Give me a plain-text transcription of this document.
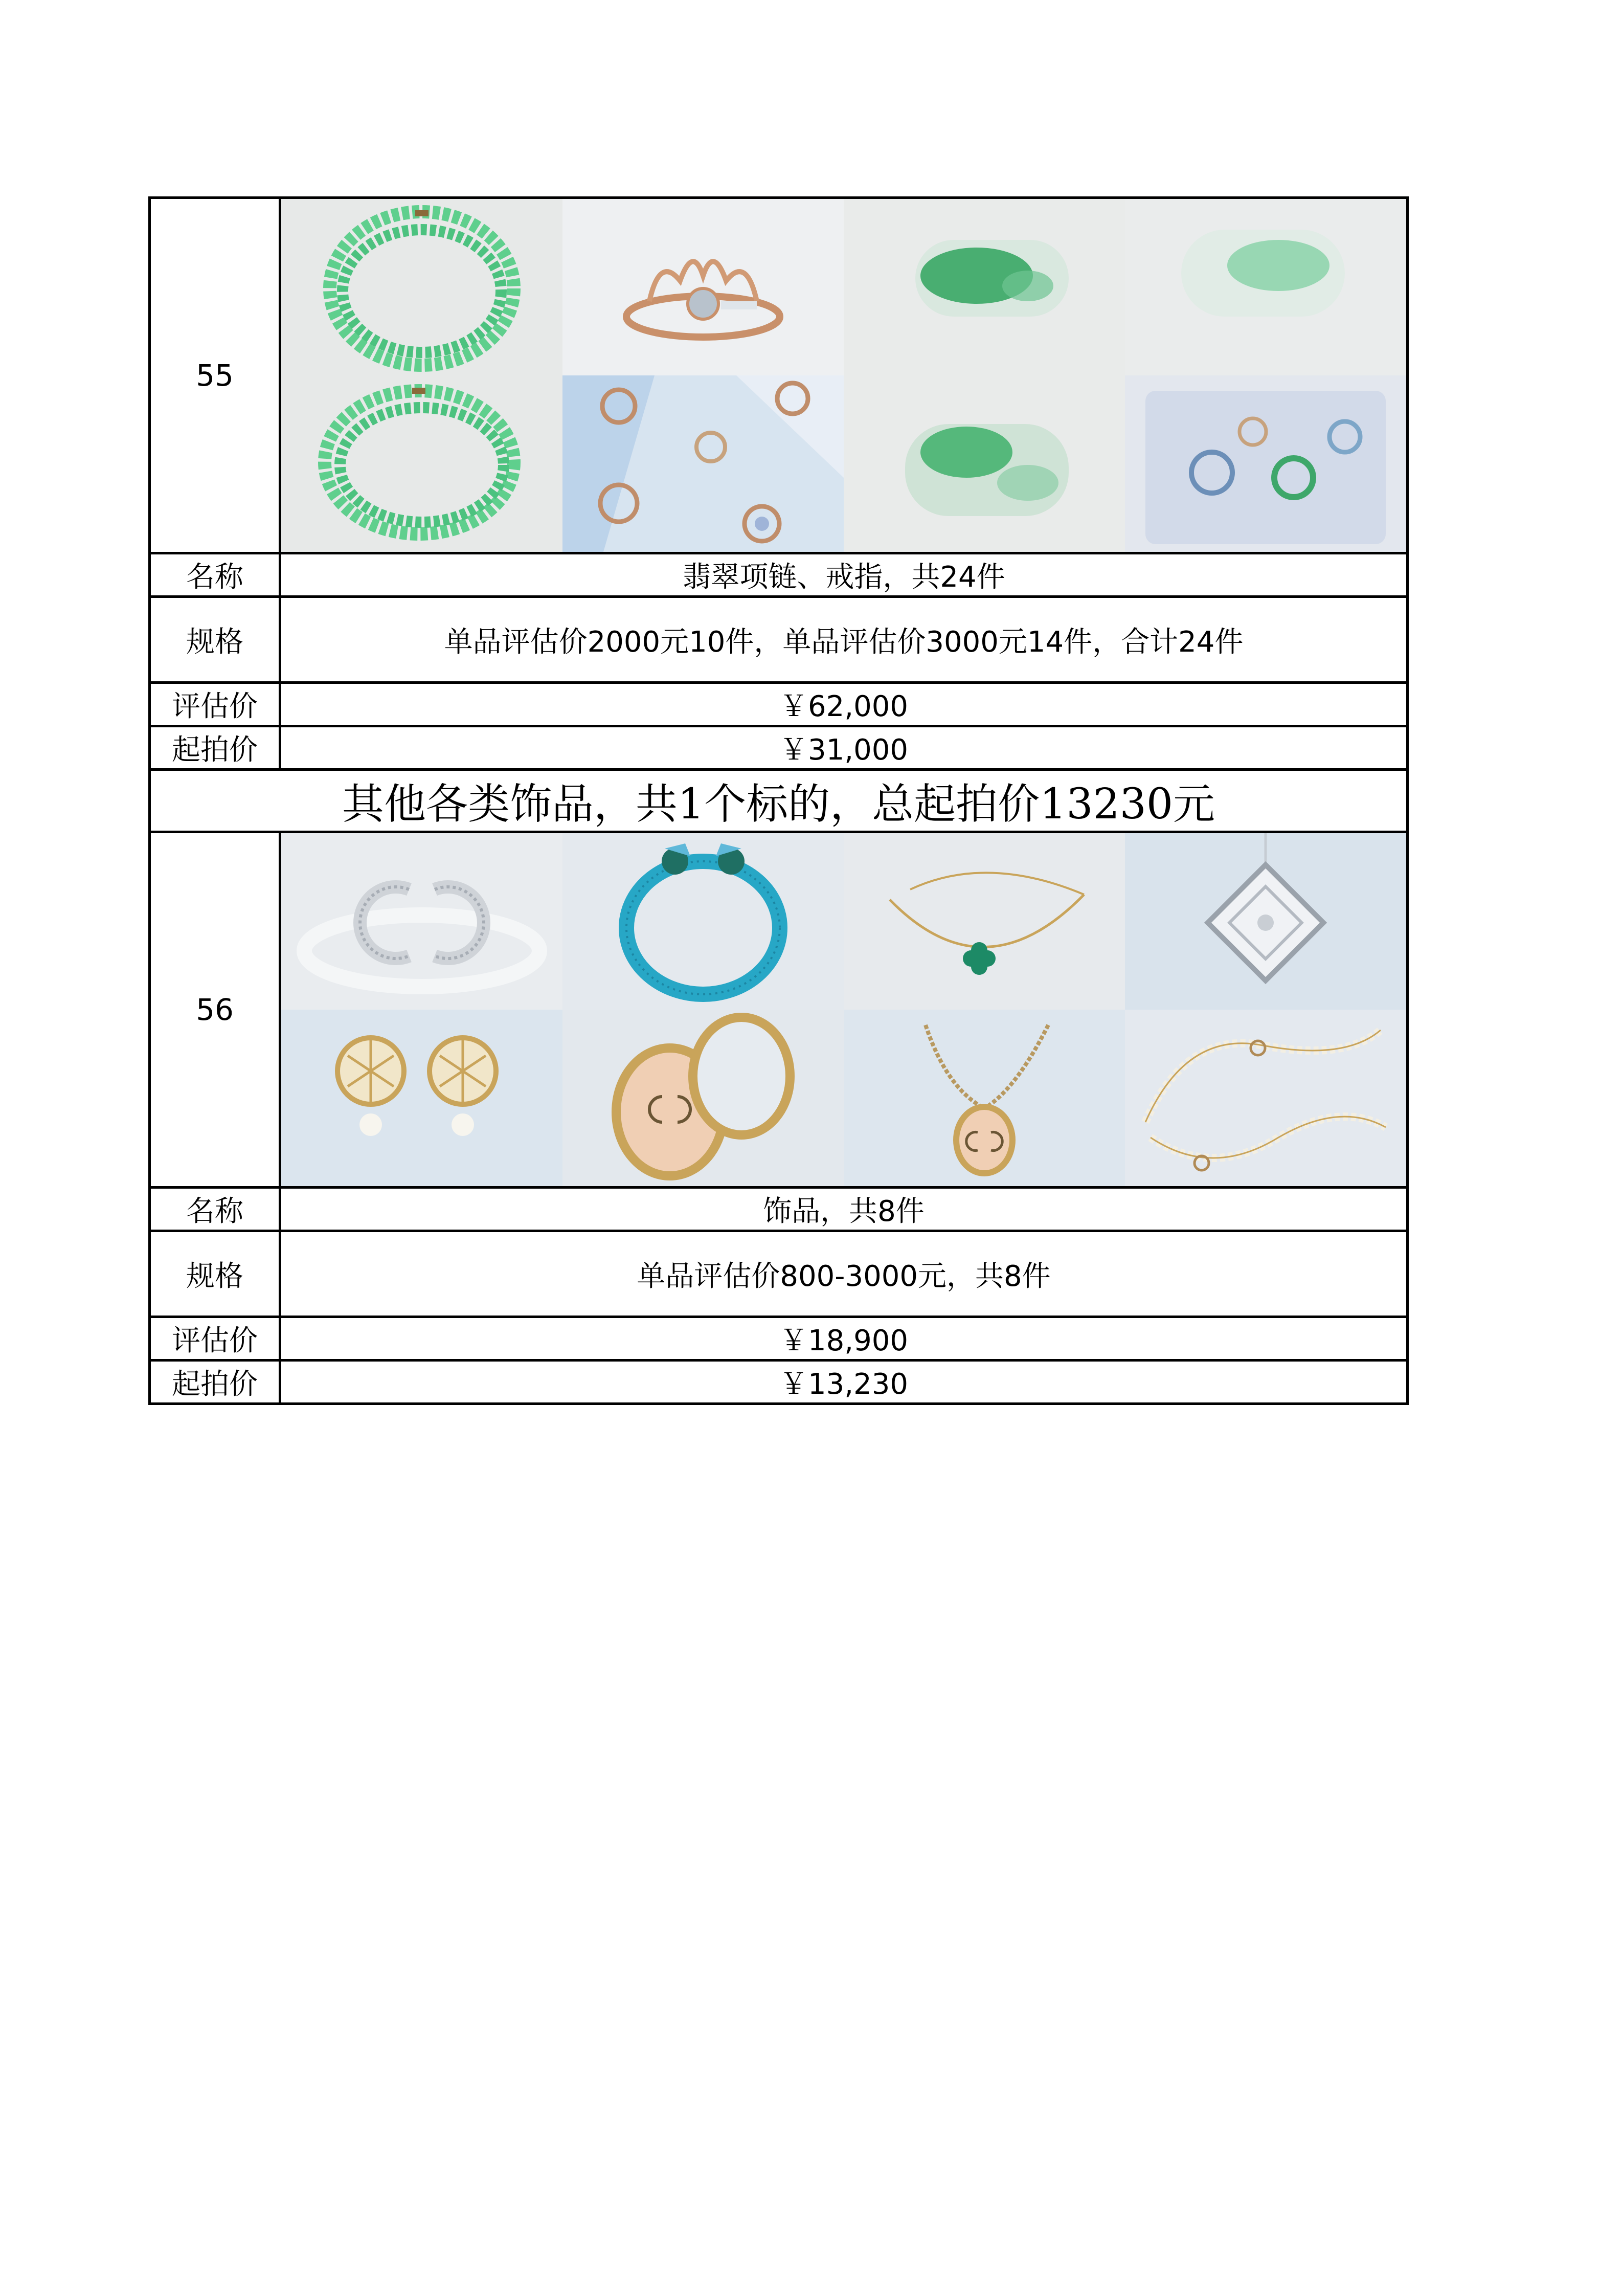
55	

名称	翡翠项链、戒指，共24件
规格	单品评估价2000元10件，单品评估价3000元14件，合计24件
评估价	￥62,000
起拍价	￥31,000
其他各类饰品，共1个标的，总起拍价13230元	
56	

名称	饰品，共8件
规格	单品评估价800-3000元，共8件
评估价	￥18,900
起拍价	￥13,230
